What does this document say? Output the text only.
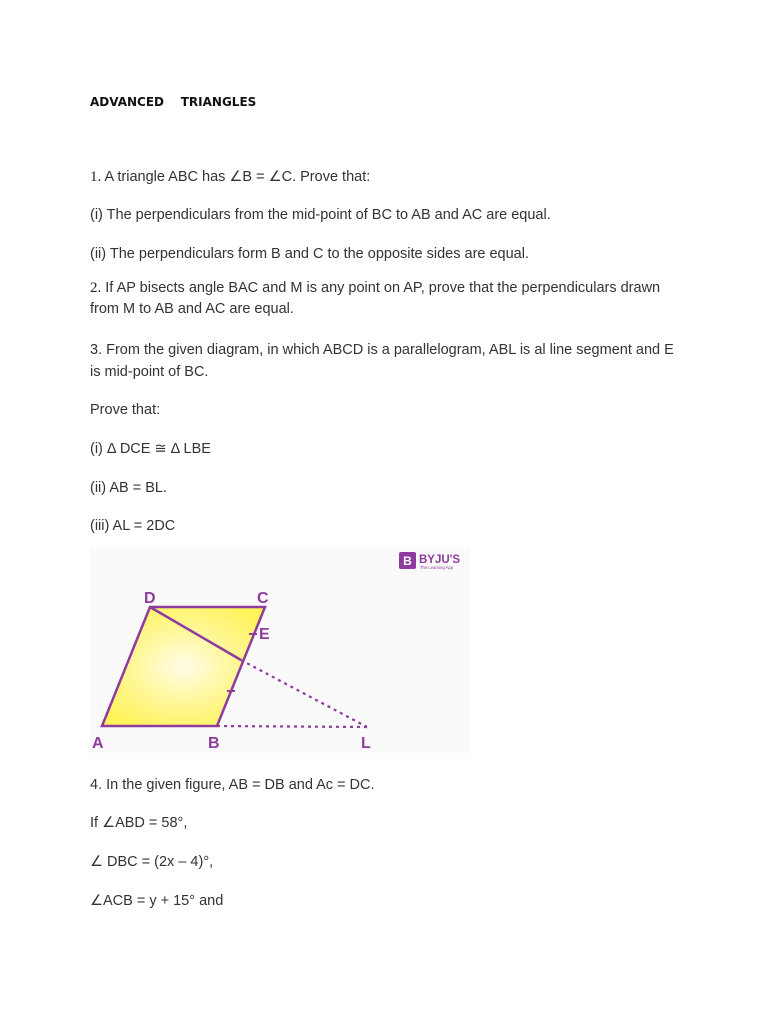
ADVANCED    TRIANGLES
1. A triangle ABC has ∠B = ∠C. Prove that:
(i) The perpendiculars from the mid-point of BC to AB and AC are equal.
(ii) The perpendiculars form B and C to the opposite sides are equal.
2. If AP bisects angle BAC and M is any point on AP, prove that the perpendiculars drawn from M to AB and AC are equal.
3. From the given diagram, in which ABCD is a parallelogram, ABL is al line segment and E is mid-point of BC.
Prove that:
(i) Δ DCE ≅ Δ LBE
(ii) AB = BL.
(iii) AL = 2DC
D	C
E
A	B	L
B BYJU'S
The Learning App
4. In the given figure, AB = DB and Ac = DC.
If ∠ABD = 58°,
∠ DBC = (2x – 4)°,
∠ACB = y + 15° and
